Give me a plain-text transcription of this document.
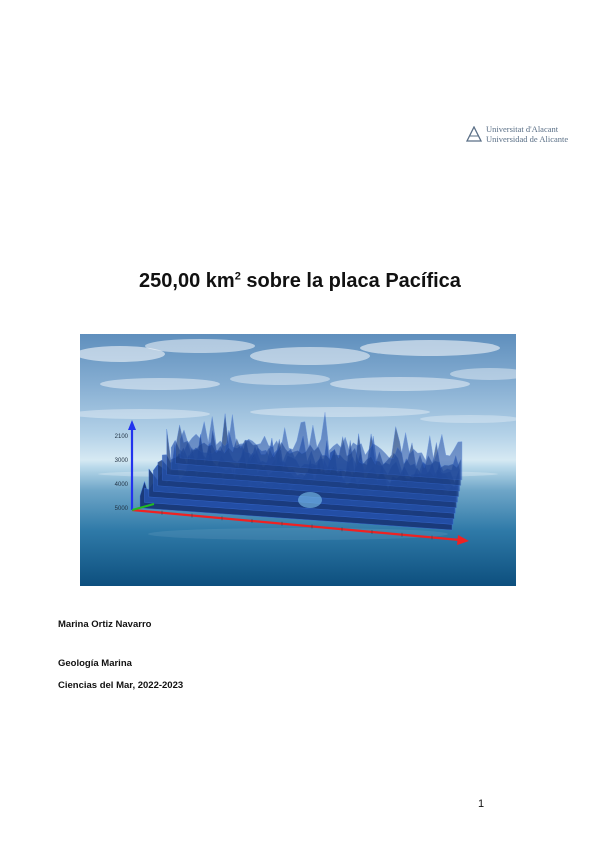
Universitat d'Alacant
Universidad de Alicante
250,00 $km^2$ sobre la placa Pacífica
2100
3000
4000
5000
Marina Ortiz Navarro
Geología Marina
Ciencias del Mar, 2022-2023
1
